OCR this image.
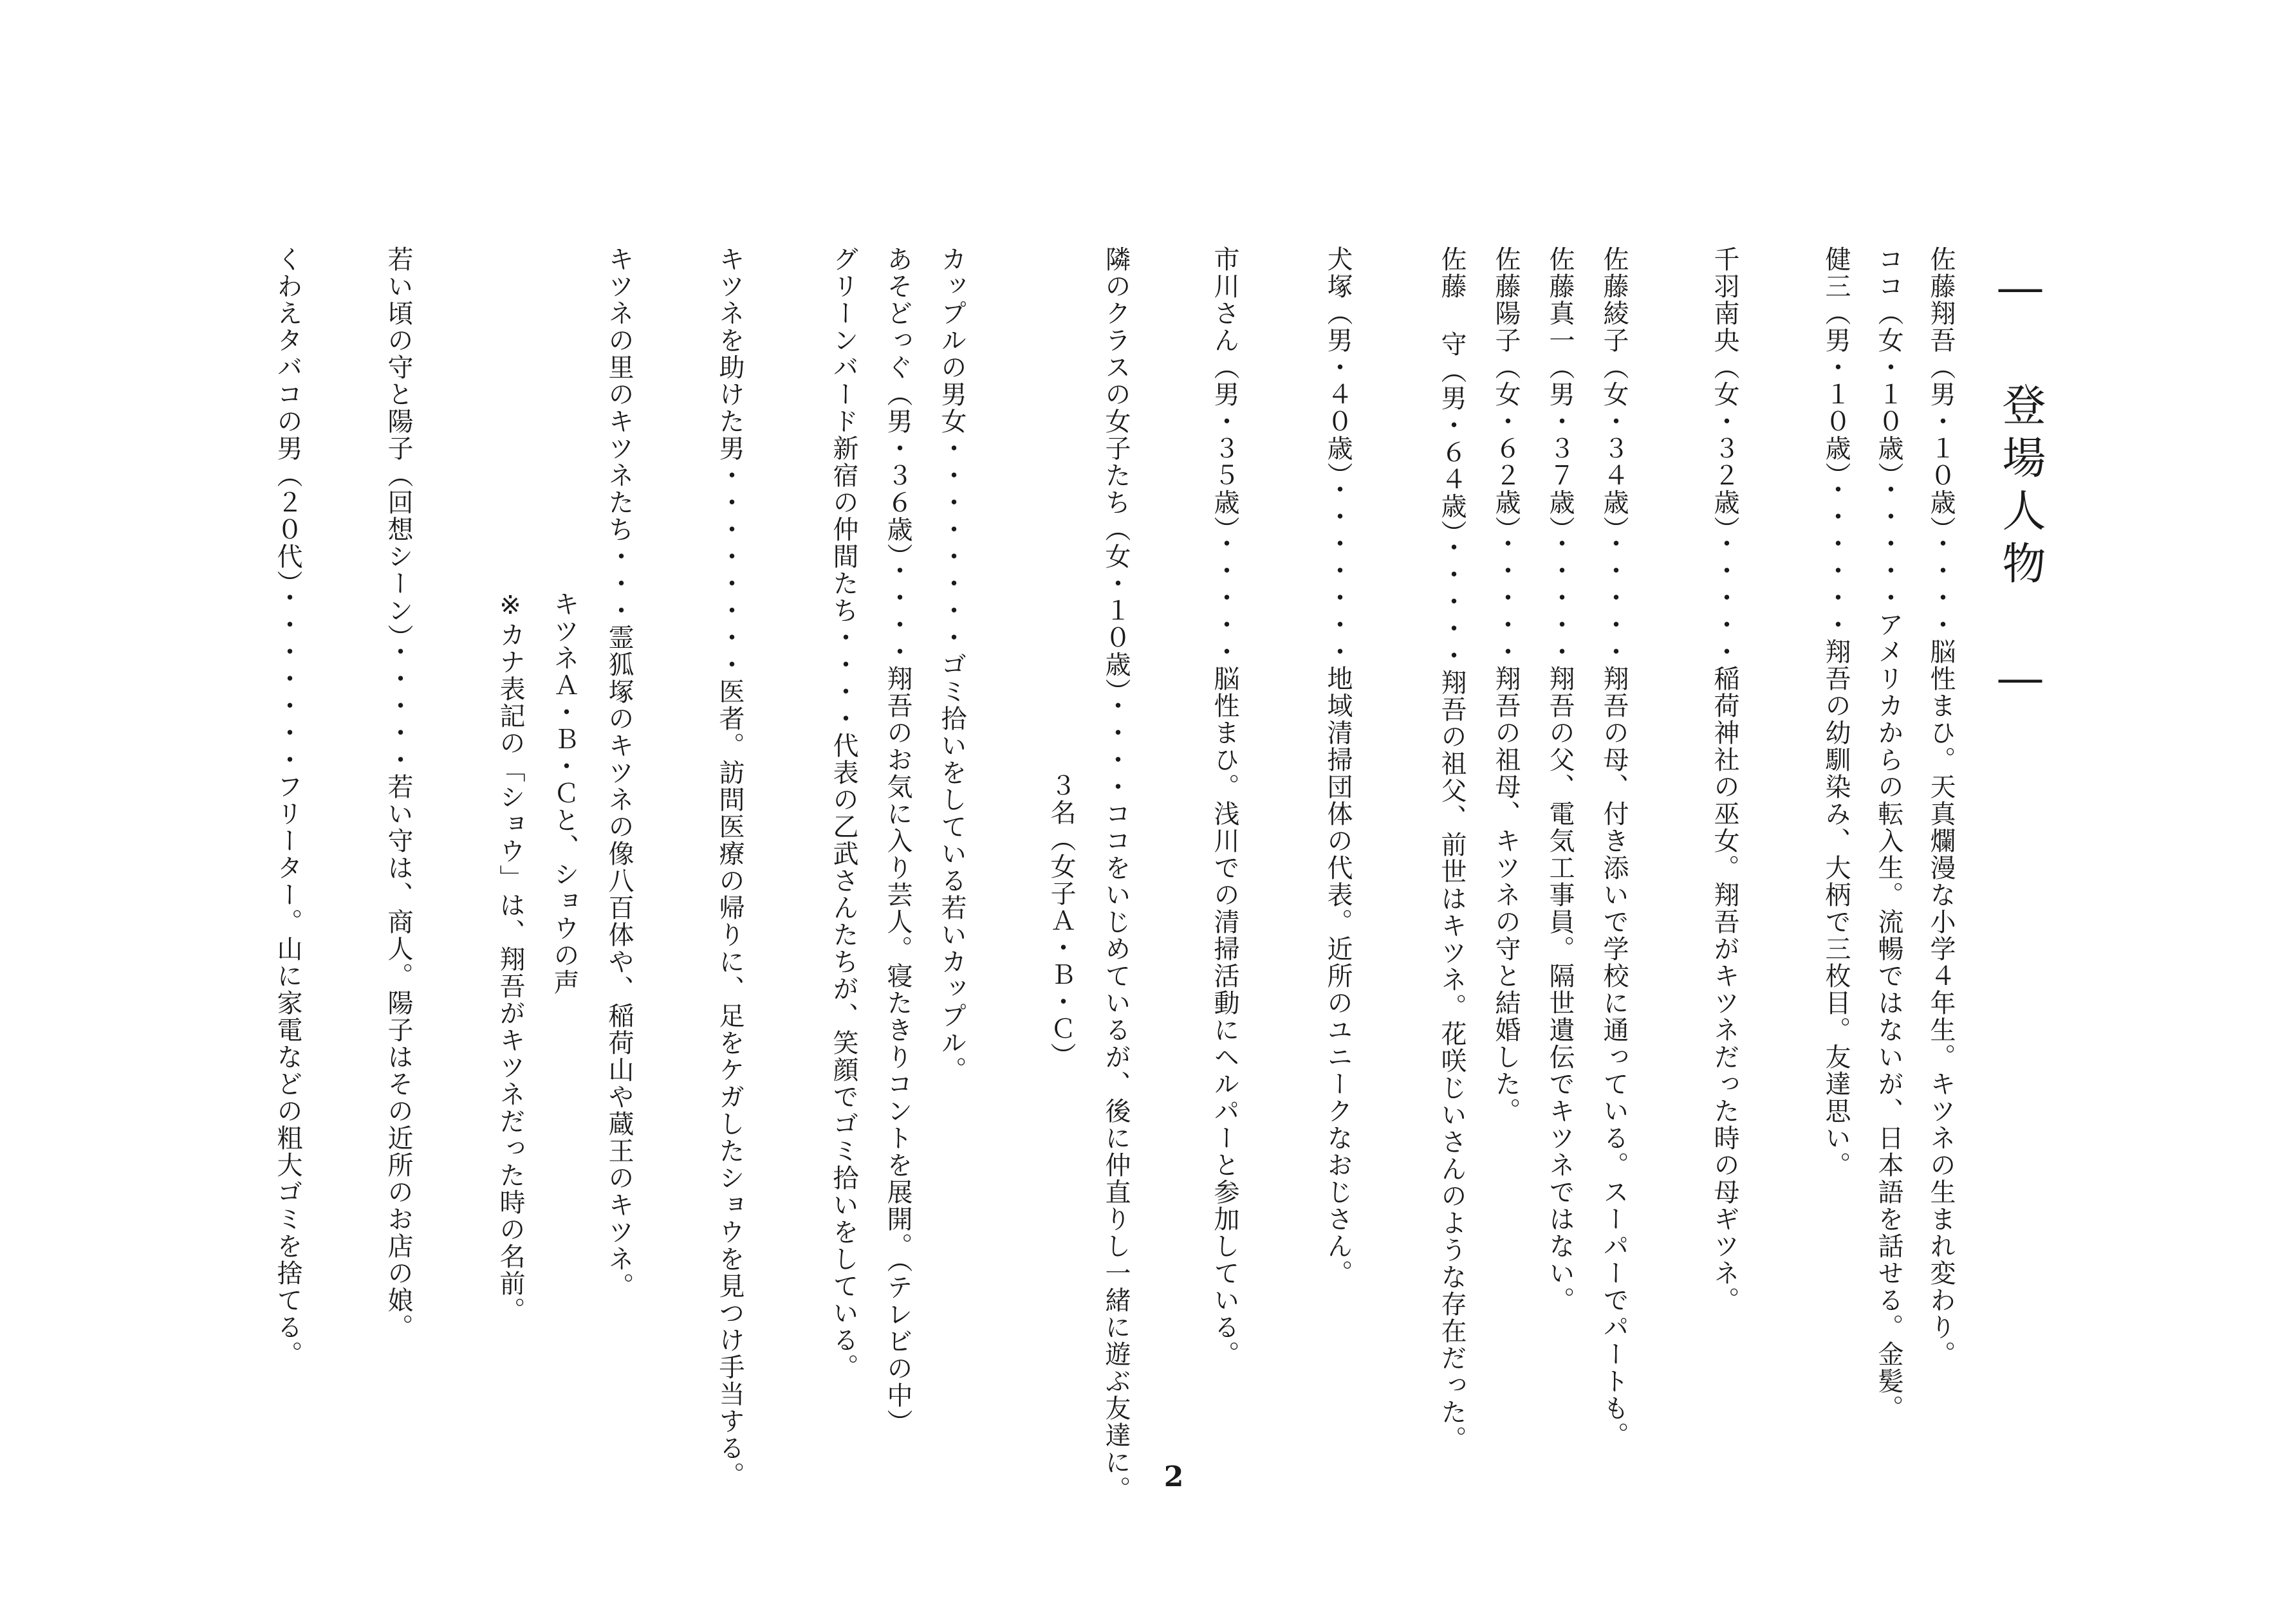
― 登場人物 ―
佐藤翔吾（男・１０歳）・・・・脳性まひ。天真爛漫な小学４年生。キツネの生まれ変わり。
ココ（女・１０歳）・・・・・アメリカからの転入生。流暢ではないが、日本語を話せる。金髪。
健三（男・１０歳）・・・・・・翔吾の幼馴染み、大柄で三枚目。友達思い。
千羽南央（女・３２歳）・・・・・稲荷神社の巫女。翔吾がキツネだった時の母ギツネ。
佐藤綾子（女・３４歳）・・・・・翔吾の母、付き添いで学校に通っている。スーパーでパートも。
佐藤真一（男・３７歳）・・・・・翔吾の父、電気工事員。隔世遺伝でキツネではない。
佐藤陽子（女・６２歳）・・・・・翔吾の祖母、キツネの守と結婚した。
佐藤 守（男・６４歳）・・・・・翔吾の祖父、前世はキツネ。花咲じいさんのような存在だった。
犬塚（男・４０歳）・・・・・・・地域清掃団体の代表。近所のユニークなおじさん。
市川さん（男・３５歳）・・・・・脳性まひ。浅川での清掃活動にヘルパーと参加している。
隣のクラスの女子たち（女・１０歳）・・・・ココをいじめているが、後に仲直りし一緒に遊ぶ友達に。
３名（女子Ａ・Ｂ・Ｃ）
カップルの男女・・・・・・・・ゴミ拾いをしている若いカップル。
あそどっぐ（男・３６歳）・・・・翔吾のお気に入り芸人。寝たきりコントを展開。（テレビの中）
グリーンバード新宿の仲間たち・・・・代表の乙武さんたちが、笑顔でゴミ拾いをしている。
キツネを助けた男・・・・・・・・医者。訪問医療の帰りに、足をケガしたショウを見つけ手当する。
キツネの里のキツネたち・・・霊狐塚のキツネの像八百体や、稲荷山や蔵王のキツネ。
キツネＡ・Ｂ・Ｃと、ショウの声
※カナ表記の「ショウ」は、翔吾がキツネだった時の名前。
若い頃の守と陽子（回想シーン）・・・・・若い守は、商人。陽子はその近所のお店の娘。
くわえタバコの男（２０代）・・・・・・・フリーター。山に家電などの粗大ゴミを捨てる。
2
